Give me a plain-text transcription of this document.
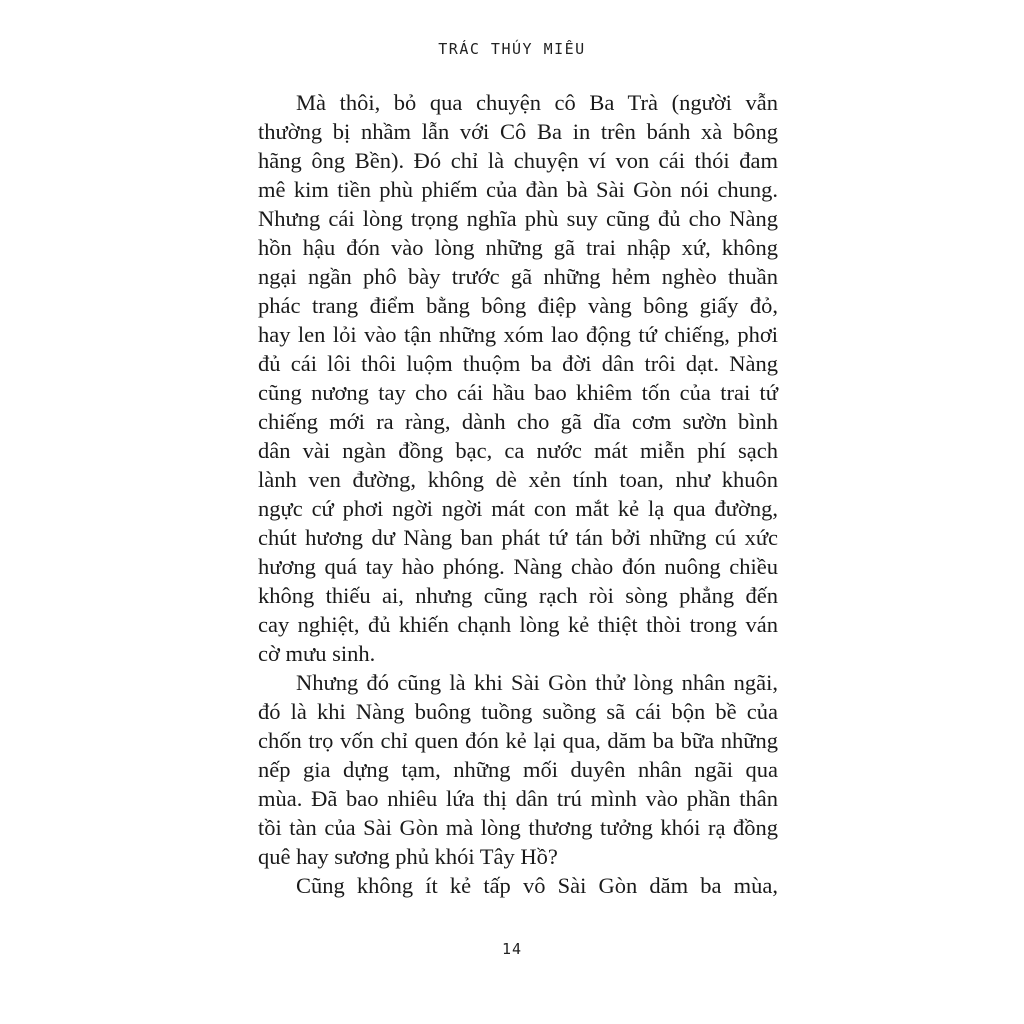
TRÁC THÚY MIÊU
Mà thôi, bỏ qua chuyện cô Ba Trà (người vẫn
thường bị nhầm lẫn với Cô Ba in trên bánh xà bông
hãng ông Bền). Đó chỉ là chuyện ví von cái thói đam
mê kim tiền phù phiếm của đàn bà Sài Gòn nói chung.
Nhưng cái lòng trọng nghĩa phù suy cũng đủ cho Nàng
hồn hậu đón vào lòng những gã trai nhập xứ, không
ngại ngần phô bày trước gã những hẻm nghèo thuần
phác trang điểm bằng bông điệp vàng bông giấy đỏ,
hay len lỏi vào tận những xóm lao động tứ chiếng, phơi
đủ cái lôi thôi luộm thuộm ba đời dân trôi dạt. Nàng
cũng nương tay cho cái hầu bao khiêm tốn của trai tứ
chiếng mới ra ràng, dành cho gã dĩa cơm sườn bình
dân vài ngàn đồng bạc, ca nước mát miễn phí sạch
lành ven đường, không dè xẻn tính toan, như khuôn
ngực cứ phơi ngời ngời mát con mắt kẻ lạ qua đường,
chút hương dư Nàng ban phát tứ tán bởi những cú xức
hương quá tay hào phóng. Nàng chào đón nuông chiều
không thiếu ai, nhưng cũng rạch ròi sòng phẳng đến
cay nghiệt, đủ khiến chạnh lòng kẻ thiệt thòi trong ván
cờ mưu sinh.
Nhưng đó cũng là khi Sài Gòn thử lòng nhân ngãi,
đó là khi Nàng buông tuồng suồng sã cái bộn bề của
chốn trọ vốn chỉ quen đón kẻ lại qua, dăm ba bữa những
nếp gia dựng tạm, những mối duyên nhân ngãi qua
mùa. Đã bao nhiêu lứa thị dân trú mình vào phần thân
tồi tàn của Sài Gòn mà lòng thương tưởng khói rạ đồng
quê hay sương phủ khói Tây Hồ?
Cũng không ít kẻ tấp vô Sài Gòn dăm ba mùa,
14
